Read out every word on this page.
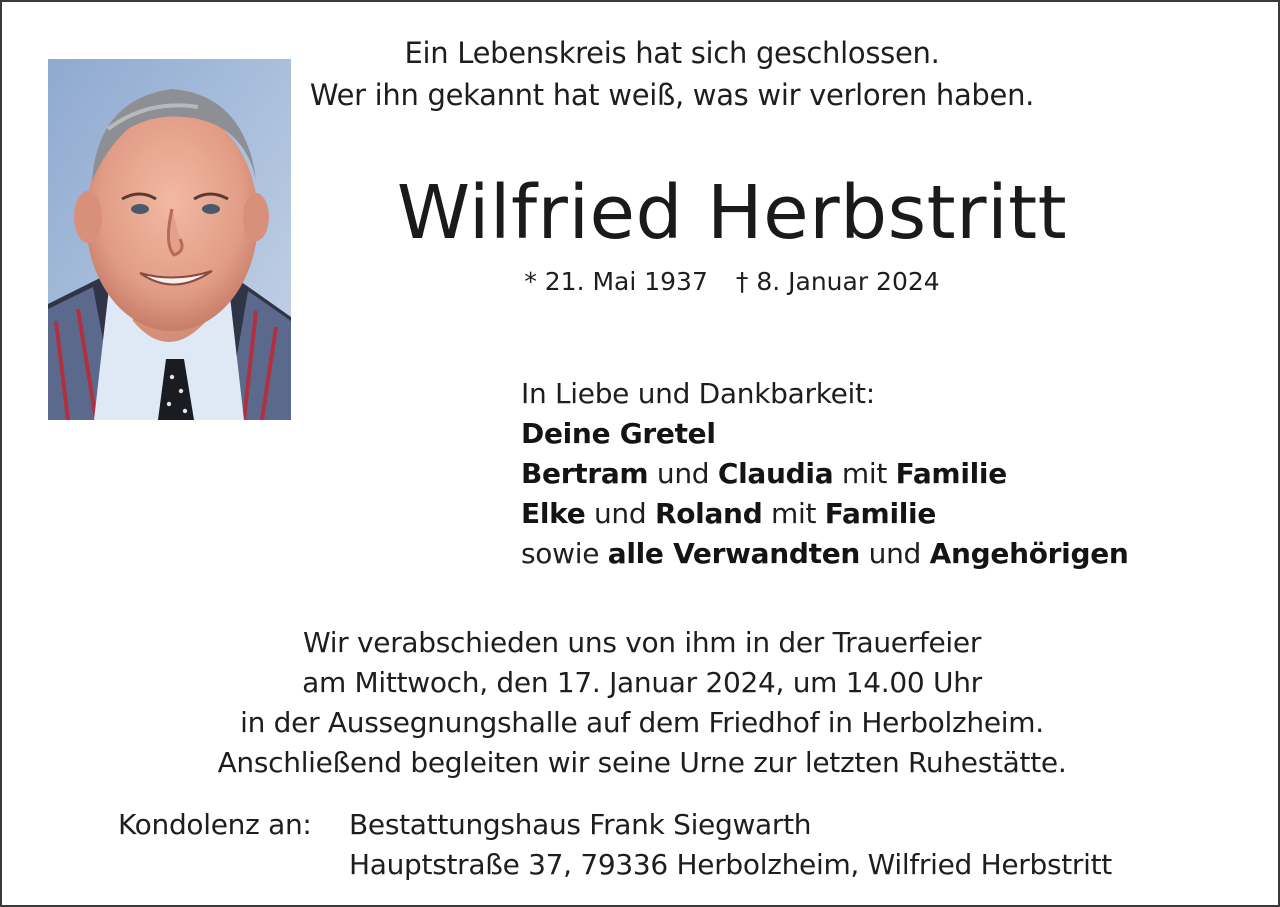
Ein Lebenskreis hat sich geschlossen.
Wer ihn gekannt hat weiß, was wir verloren haben.
Wilfried Herbstritt
* 21. Mai 1937 † 8. Januar 2024
In Liebe und Dankbarkeit:
Deine Gretel
Bertram und Claudia mit Familie
Elke und Roland mit Familie
sowie alle Verwandten und Angehörigen
Wir verabschieden uns von ihm in der Trauerfeier
am Mittwoch, den 17. Januar 2024, um 14.00 Uhr
in der Aussegnungshalle auf dem Friedhof in Herbolzheim.
Anschließend begleiten wir seine Urne zur letzten Ruhestätte.
Kondolenz an: Bestattungshaus Frank Siegwarth
Hauptstraße 37, 79336 Herbolzheim, Wilfried Herbstritt
